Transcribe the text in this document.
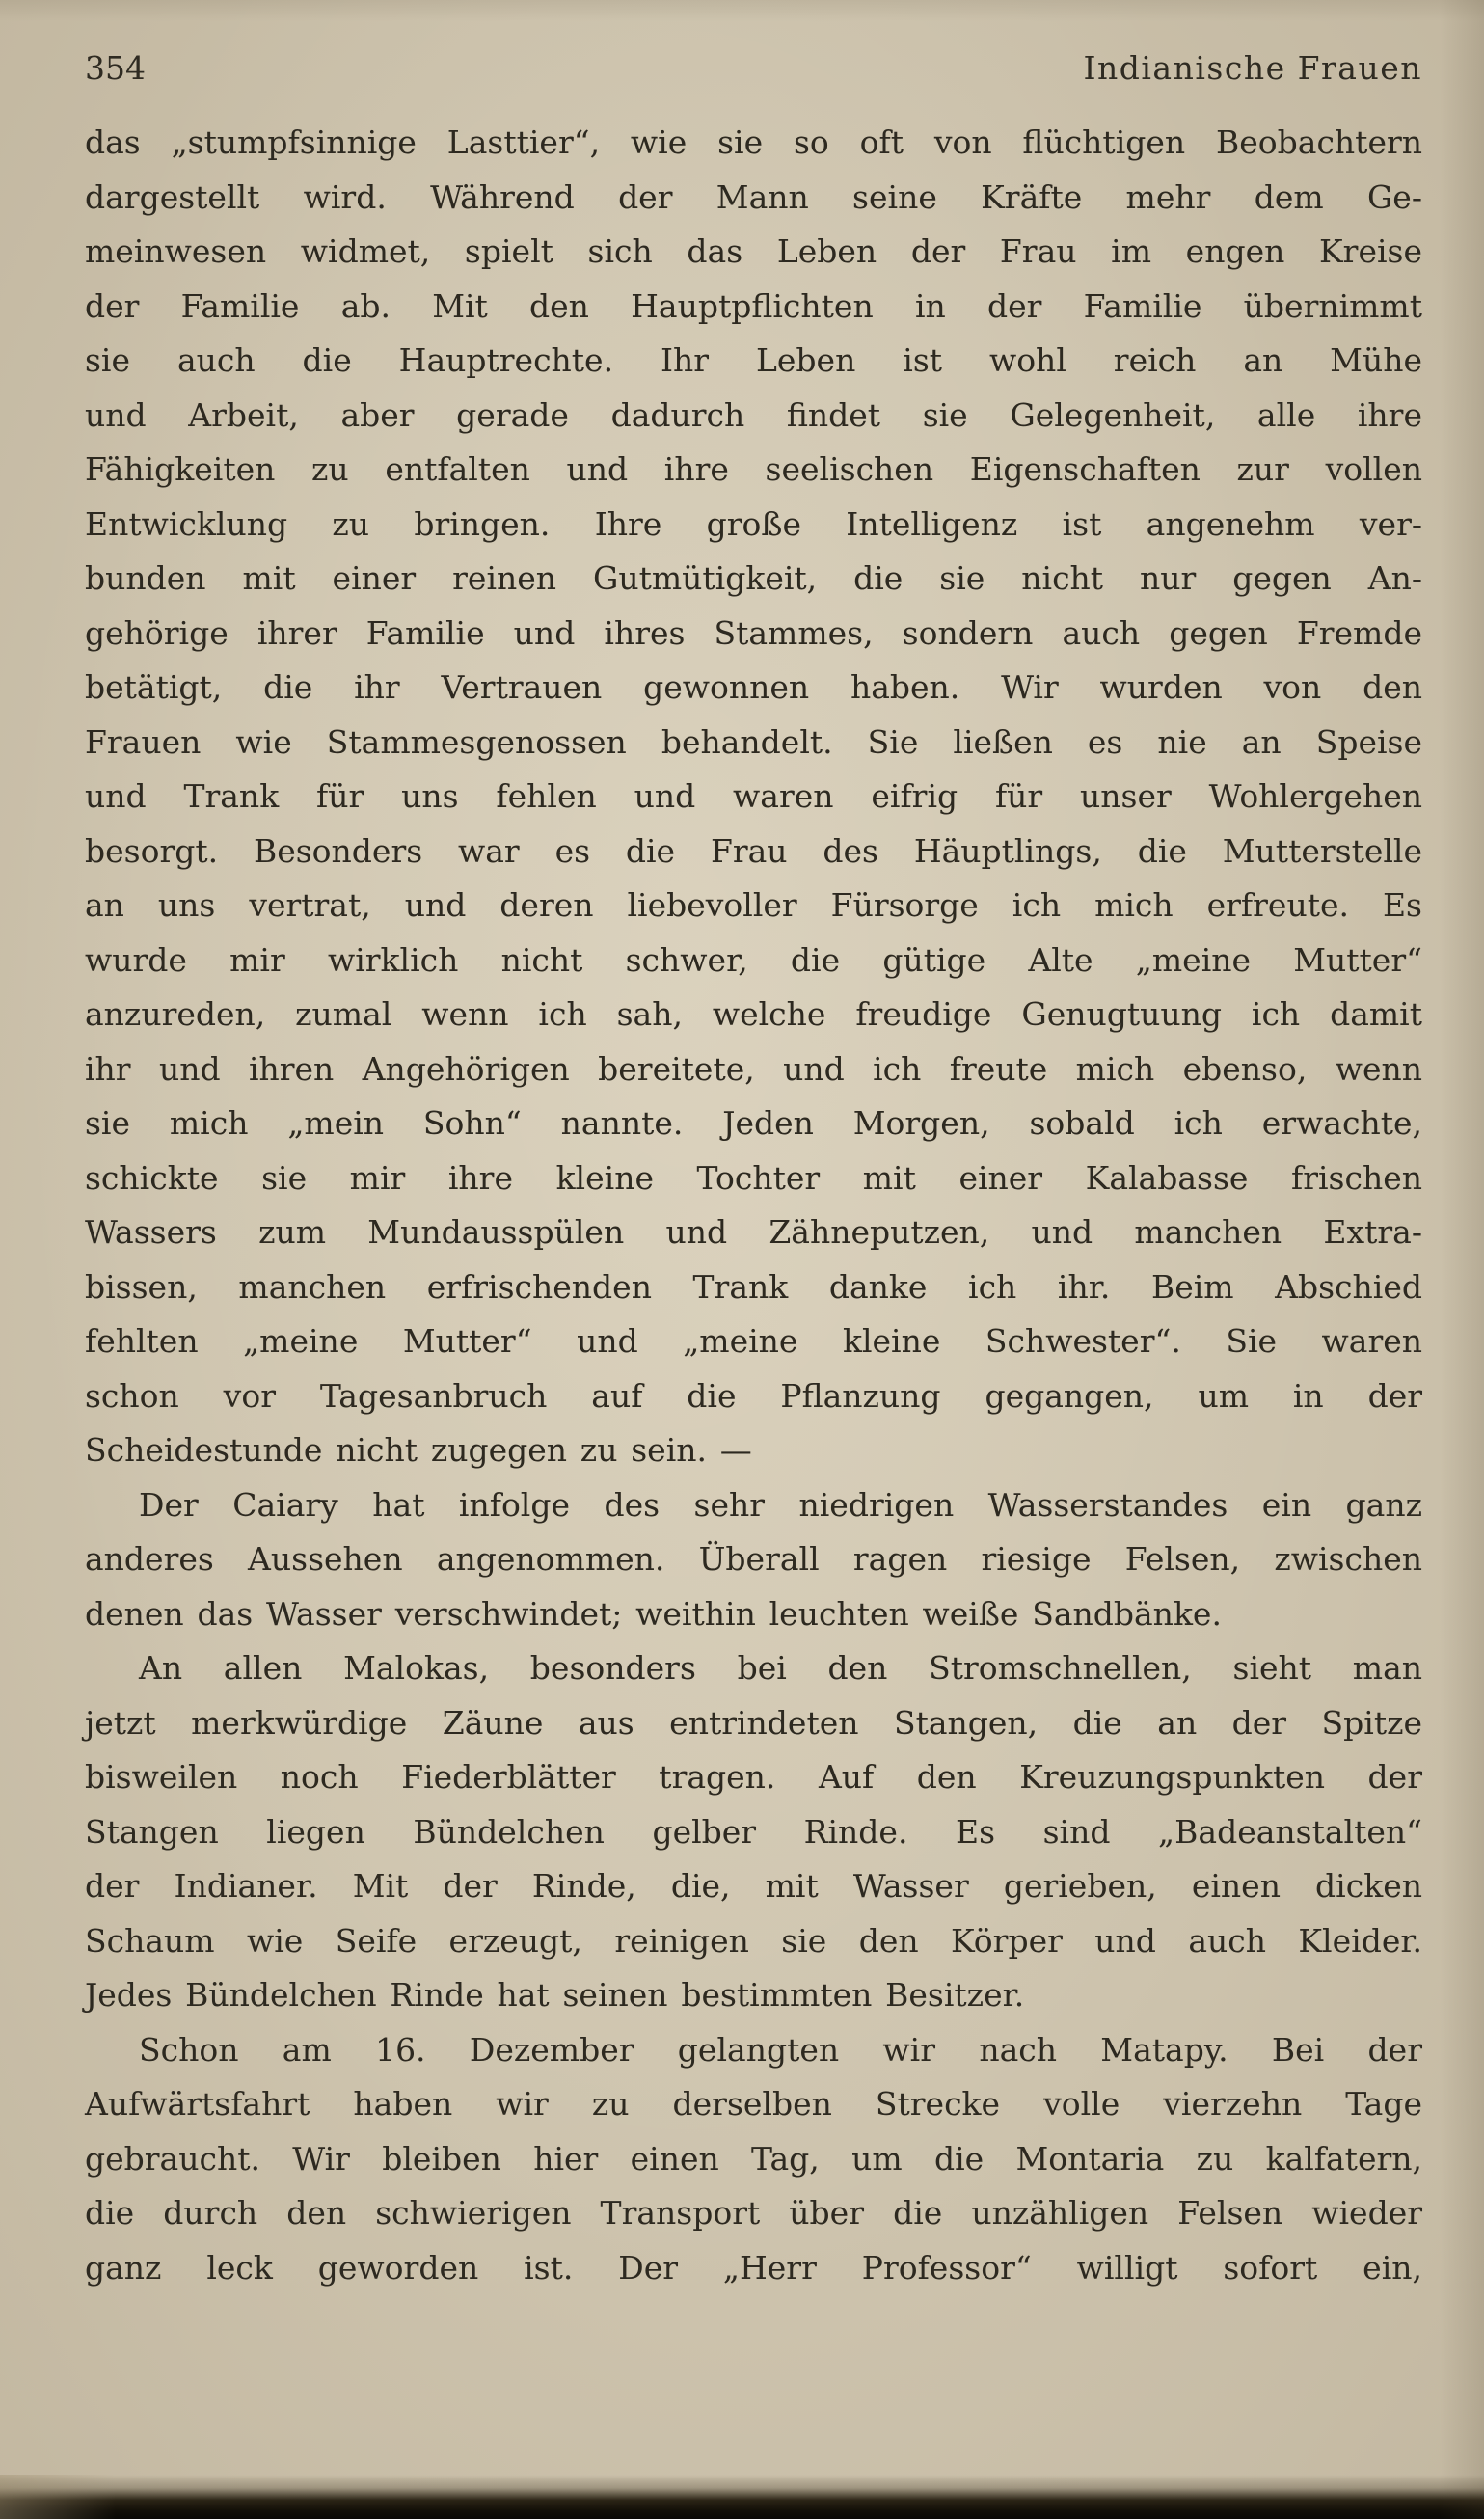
354	Indianische Frauen
das „stumpfsinnige Lasttier“, wie sie so oft von flüchtigen Beobachtern
dargestellt wird. Während der Mann seine Kräfte mehr dem Ge-
meinwesen widmet, spielt sich das Leben der Frau im engen Kreise
der Familie ab. Mit den Hauptpflichten in der Familie übernimmt
sie auch die Hauptrechte. Ihr Leben ist wohl reich an Mühe
und Arbeit, aber gerade dadurch findet sie Gelegenheit, alle ihre
Fähigkeiten zu entfalten und ihre seelischen Eigenschaften zur vollen
Entwicklung zu bringen. Ihre große Intelligenz ist angenehm ver-
bunden mit einer reinen Gutmütigkeit, die sie nicht nur gegen An-
gehörige ihrer Familie und ihres Stammes, sondern auch gegen Fremde
betätigt, die ihr Vertrauen gewonnen haben. Wir wurden von den
Frauen wie Stammesgenossen behandelt. Sie ließen es nie an Speise
und Trank für uns fehlen und waren eifrig für unser Wohlergehen
besorgt. Besonders war es die Frau des Häuptlings, die Mutterstelle
an uns vertrat, und deren liebevoller Fürsorge ich mich erfreute. Es
wurde mir wirklich nicht schwer, die gütige Alte „meine Mutter“
anzureden, zumal wenn ich sah, welche freudige Genugtuung ich damit
ihr und ihren Angehörigen bereitete, und ich freute mich ebenso, wenn
sie mich „mein Sohn“ nannte. Jeden Morgen, sobald ich erwachte,
schickte sie mir ihre kleine Tochter mit einer Kalabasse frischen
Wassers zum Mundausspülen und Zähneputzen, und manchen Extra-
bissen, manchen erfrischenden Trank danke ich ihr. Beim Abschied
fehlten „meine Mutter“ und „meine kleine Schwester“. Sie waren
schon vor Tagesanbruch auf die Pflanzung gegangen, um in der
Scheidestunde nicht zugegen zu sein. —
Der Caiary hat infolge des sehr niedrigen Wasserstandes ein ganz
anderes Aussehen angenommen. Überall ragen riesige Felsen, zwischen
denen das Wasser verschwindet; weithin leuchten weiße Sandbänke.
An allen Malokas, besonders bei den Stromschnellen, sieht man
jetzt merkwürdige Zäune aus entrindeten Stangen, die an der Spitze
bisweilen noch Fiederblätter tragen. Auf den Kreuzungspunkten der
Stangen liegen Bündelchen gelber Rinde. Es sind „Badeanstalten“
der Indianer. Mit der Rinde, die, mit Wasser gerieben, einen dicken
Schaum wie Seife erzeugt, reinigen sie den Körper und auch Kleider.
Jedes Bündelchen Rinde hat seinen bestimmten Besitzer.
Schon am 16. Dezember gelangten wir nach Matapy. Bei der
Aufwärtsfahrt haben wir zu derselben Strecke volle vierzehn Tage
gebraucht. Wir bleiben hier einen Tag, um die Montaria zu kalfatern,
die durch den schwierigen Transport über die unzähligen Felsen wieder
ganz leck geworden ist. Der „Herr Professor“ willigt sofort ein,
